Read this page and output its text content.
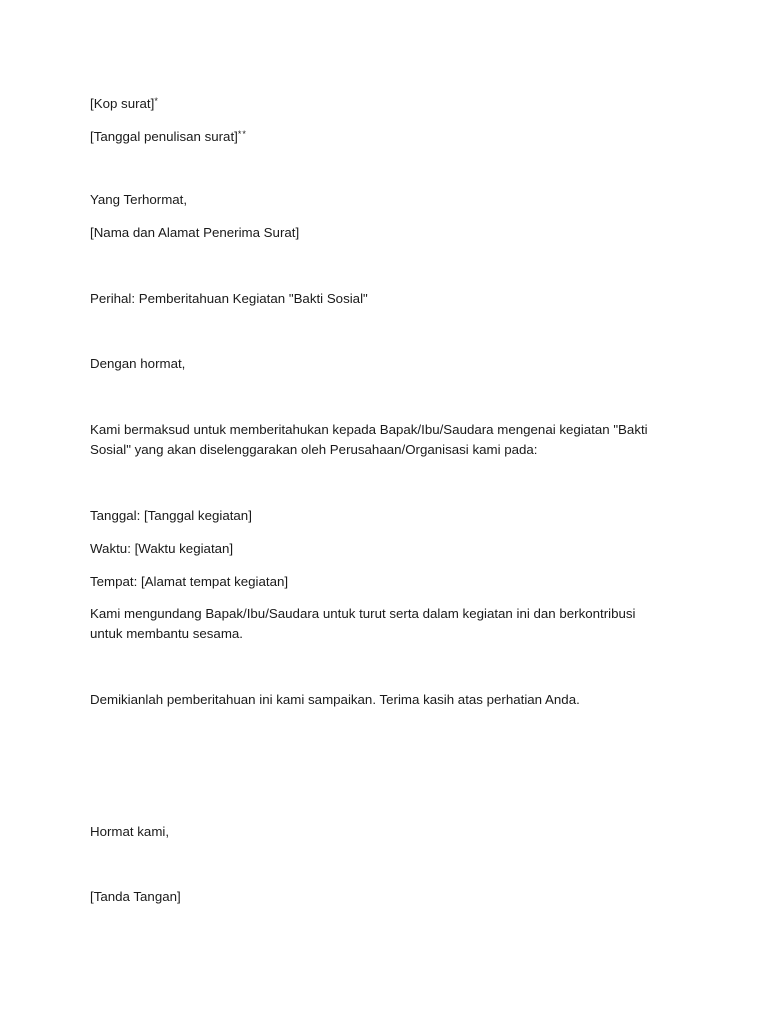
[Kop surat]*

[Tanggal penulisan surat]**

Yang Terhormat,

[Nama dan Alamat Penerima Surat]

Perihal: Pemberitahuan Kegiatan "Bakti Sosial"

Dengan hormat,

Kami bermaksud untuk memberitahukan kepada Bapak/Ibu/Saudara mengenai kegiatan "Bakti Sosial" yang akan diselenggarakan oleh Perusahaan/Organisasi kami pada:

Tanggal: [Tanggal kegiatan]

Waktu: [Waktu kegiatan]

Tempat: [Alamat tempat kegiatan]

Kami mengundang Bapak/Ibu/Saudara untuk turut serta dalam kegiatan ini dan berkontribusi untuk membantu sesama.

Demikianlah pemberitahuan ini kami sampaikan. Terima kasih atas perhatian Anda.

Hormat kami,

[Tanda Tangan]
